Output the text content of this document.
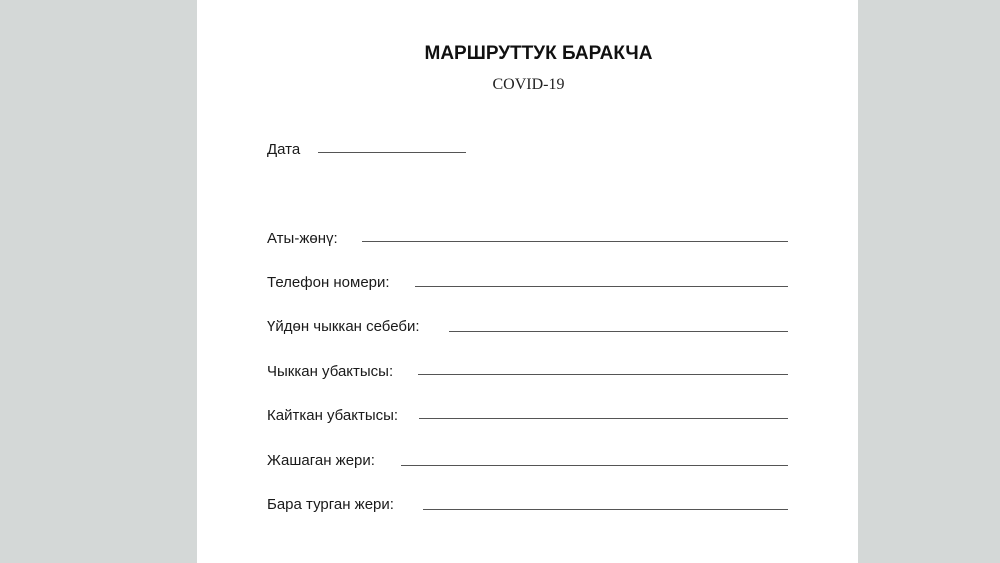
МАРШРУТТУК БАРАКЧА
COVID-19
Дата
Аты-жөнү:
Телефон номери:
Үйдөн чыккан себеби:
Чыккан убактысы:
Кайткан убактысы:
Жашаган жери:
Бара турган жери:
